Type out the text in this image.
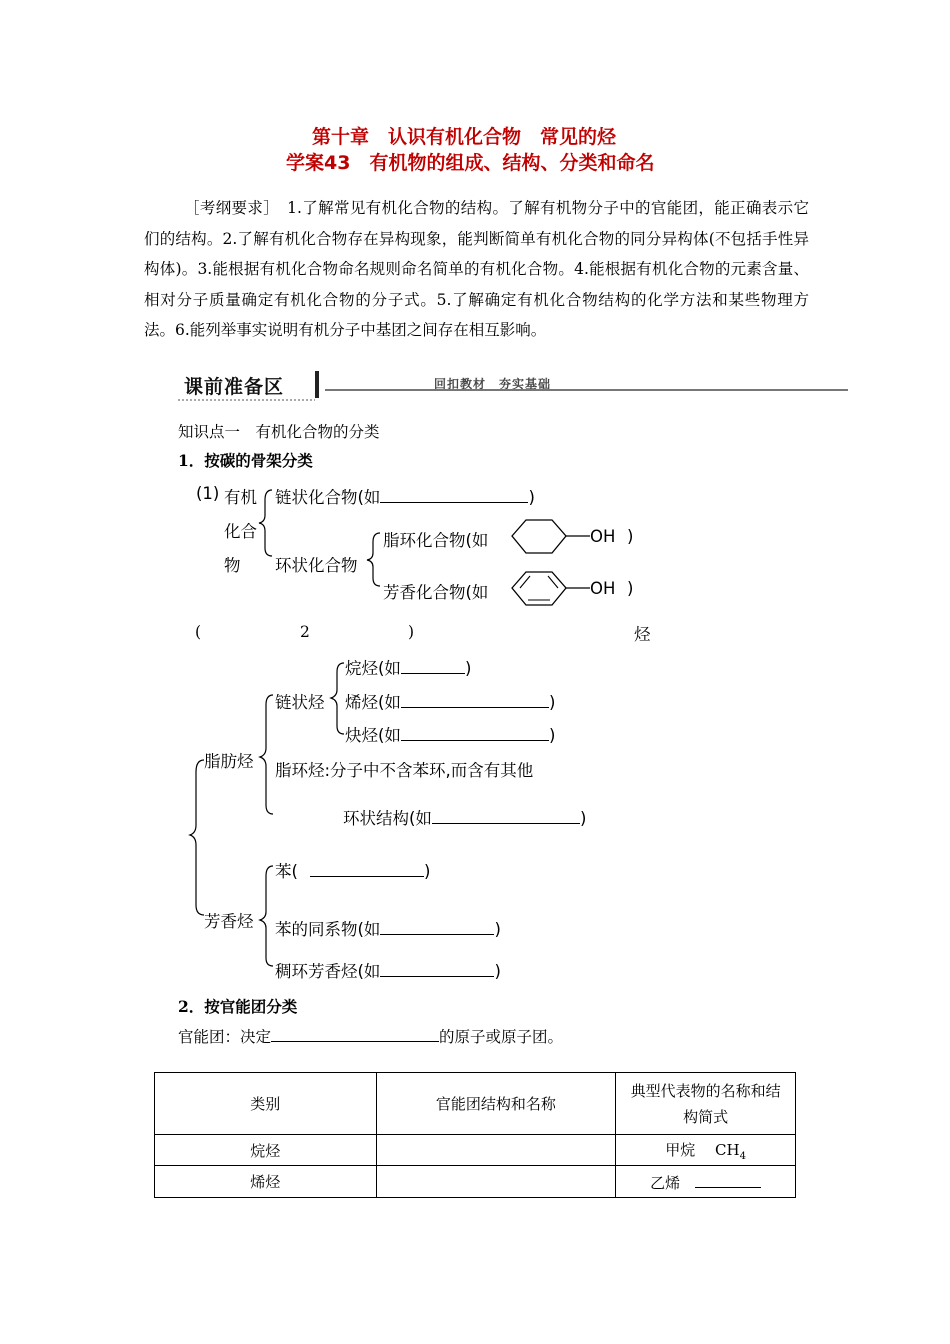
第十章　认识有机化合物　常见的烃
学案43　有机物的组成、结构、分类和命名
［考纲要求］　1.了解常见有机化合物的结构。了解有机物分子中的官能团，能正确表示它们的结构。2.了解有机化合物存在异构现象，能判断简单有机化合物的同分异构体(不包括手性异构体)。3.能根据有机化合物命名规则命名简单的有机化合物。4.能根据有机化合物的元素含量、相对分子质量确定有机化合物的分子式。5.了解确定有机化合物结构的化学方法和某些物理方法。6.能列举事实说明有机分子中基团之间存在相互影响。
课前准备区	回扣教材　夯实基础
知识点一　有机化合物的分类
1．按碳的骨架分类
(1) 有机
化合
物
链状化合物(如	)
环状化合物
脂环化合物(如	OH )
芳香化合物(如	OH )
(	2	)	烃
烷烃(如	)
烯烃(如	)
炔烃(如	)
链状烃
脂肪烃 脂环烃:分子中不含苯环,而含有其他
环状结构(如	)
苯(	)
芳香烃 苯的同系物(如	)
稠环芳香烃(如	)
2．按官能团分类
官能团：决定	的原子或原子团。
类别	官能团结构和名称	典型代表物的名称和结构简式
烷烃		甲烷　 $CH_4$
烯烃		乙烯　
